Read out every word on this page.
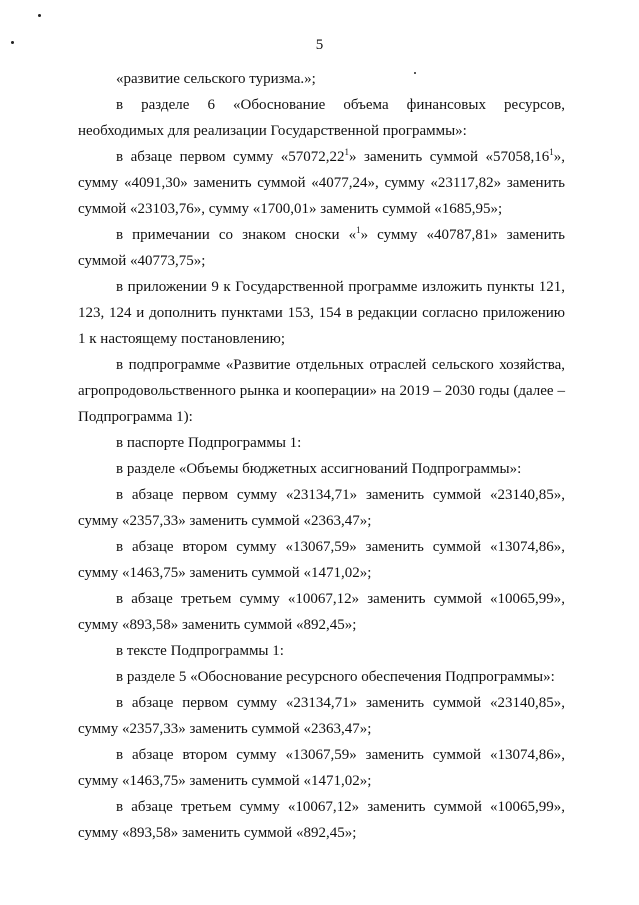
5

«развитие сельского туризма.»;

в разделе 6 «Обоснование объема финансовых ресурсов, необходимых для реализации Государственной программы»:

в абзаце первом сумму «57072,22$^1$» заменить суммой «57058,16$^1$», сумму «4091,30» заменить суммой «4077,24», сумму «23117,82» заменить суммой «23103,76», сумму «1700,01» заменить суммой «1685,95»;

в примечании со знаком сноски «$^1$» сумму «40787,81» заменить суммой «40773,75»;

в приложении 9 к Государственной программе изложить пункты 121, 123, 124 и дополнить пунктами 153, 154 в редакции согласно приложению 1 к настоящему постановлению;

в подпрограмме «Развитие отдельных отраслей сельского хозяйства, агропродовольственного рынка и кооперации» на 2019 – 2030 годы (далее – Подпрограмма 1):

в паспорте Подпрограммы 1:

в разделе «Объемы бюджетных ассигнований Подпрограммы»:

в абзаце первом сумму «23134,71» заменить суммой «23140,85», сумму «2357,33» заменить суммой «2363,47»;

в абзаце втором сумму «13067,59» заменить суммой «13074,86», сумму «1463,75» заменить суммой «1471,02»;

в абзаце третьем сумму «10067,12» заменить суммой «10065,99», сумму «893,58» заменить суммой «892,45»;

в тексте Подпрограммы 1:

в разделе 5 «Обоснование ресурсного обеспечения Подпрограммы»:

в абзаце первом сумму «23134,71» заменить суммой «23140,85», сумму «2357,33» заменить суммой «2363,47»;

в абзаце втором сумму «13067,59» заменить суммой «13074,86», сумму «1463,75» заменить суммой «1471,02»;

в абзаце третьем сумму «10067,12» заменить суммой «10065,99», сумму «893,58» заменить суммой «892,45»;
